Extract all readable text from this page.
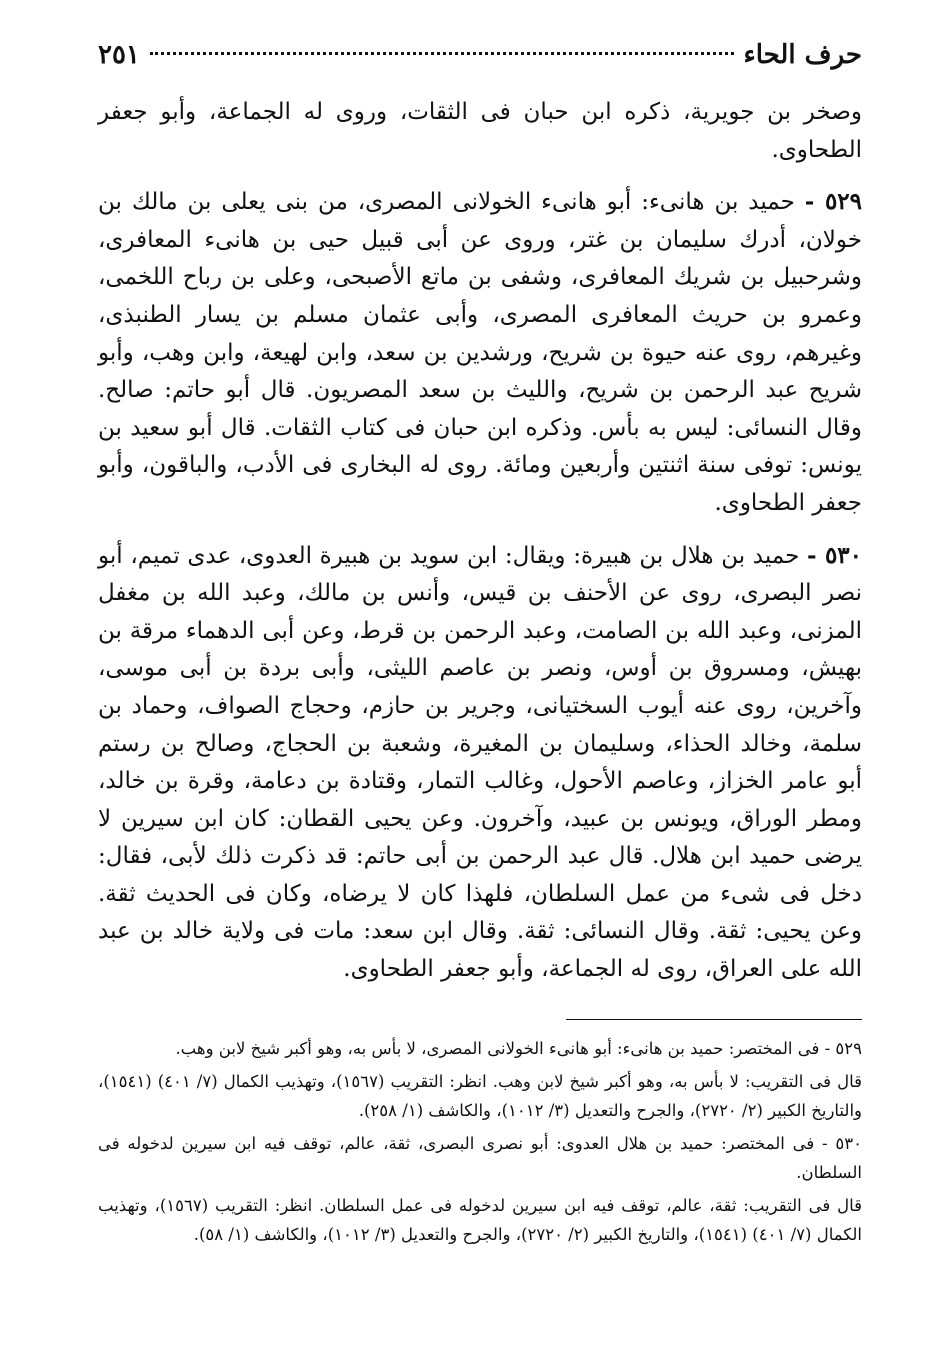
حرف الحاء
٢٥١

وصخر بن جويرية، ذكره ابن حبان فى الثقات، وروى له الجماعة، وأبو جعفر الطحاوى.

٥٢٩ - حميد بن هانىء: أبو هانىء الخولانى المصرى، من بنى يعلى بن مالك بن خولان، أدرك سليمان بن غتر، وروى عن أبى قبيل حيى بن هانىء المعافرى، وشرحبيل بن شريك المعافرى، وشفى بن ماتع الأصبحى، وعلى بن رباح اللخمى، وعمرو بن حريث المعافرى المصرى، وأبى عثمان مسلم بن يسار الطنبذى، وغيرهم، روى عنه حيوة بن شريح، ورشدين بن سعد، وابن لهيعة، وابن وهب، وأبو شريح عبد الرحمن بن شريح، والليث بن سعد المصريون. قال أبو حاتم: صالح. وقال النسائى: ليس به بأس. وذكره ابن حبان فى كتاب الثقات. قال أبو سعيد بن يونس: توفى سنة اثنتين وأربعين ومائة. روى له البخارى فى الأدب، والباقون، وأبو جعفر الطحاوى.

٥٣٠ - حميد بن هلال بن هبيرة: ويقال: ابن سويد بن هبيرة العدوى، عدى تميم، أبو نصر البصرى، روى عن الأحنف بن قيس، وأنس بن مالك، وعبد الله بن مغفل المزنى، وعبد الله بن الصامت، وعبد الرحمن بن قرط، وعن أبى الدهماء مرقة بن بهيش، ومسروق بن أوس، ونصر بن عاصم الليثى، وأبى بردة بن أبى موسى، وآخرين، روى عنه أيوب السختيانى، وجرير بن حازم، وحجاج الصواف، وحماد بن سلمة، وخالد الحذاء، وسليمان بن المغيرة، وشعبة بن الحجاج، وصالح بن رستم أبو عامر الخزاز، وعاصم الأحول، وغالب التمار، وقتادة بن دعامة، وقرة بن خالد، ومطر الوراق، ويونس بن عبيد، وآخرون. وعن يحيى القطان: كان ابن سيرين لا يرضى حميد ابن هلال. قال عبد الرحمن بن أبى حاتم: قد ذكرت ذلك لأبى، فقال: دخل فى شىء من عمل السلطان، فلهذا كان لا يرضاه، وكان فى الحديث ثقة. وعن يحيى: ثقة. وقال النسائى: ثقة. وقال ابن سعد: مات فى ولاية خالد بن عبد الله على العراق، روى له الجماعة، وأبو جعفر الطحاوى.

٥٢٩ - فى المختصر: حميد بن هانىء: أبو هانىء الخولانى المصرى، لا بأس به، وهو أكبر شيخ لابن وهب.

قال فى التقريب: لا بأس به، وهو أكبر شيخ لابن وهب. انظر: التقريب (١٥٦٧)، وتهذيب الكمال (٧/ ٤٠١) (١٥٤١)، والتاريخ الكبير (٢/ ٢٧٢٠)، والجرح والتعديل (٣/ ١٠١٢)، والكاشف (١/ ٢٥٨).

٥٣٠ - فى المختصر: حميد بن هلال العدوى: أبو نصرى البصرى، ثقة، عالم، توقف فيه ابن سيرين لدخوله فى السلطان.

قال فى التقريب: ثقة، عالم، توقف فيه ابن سيرين لدخوله فى عمل السلطان. انظر: التقريب (١٥٦٧)، وتهذيب الكمال (٧/ ٤٠١) (١٥٤١)، والتاريخ الكبير (٢/ ٢٧٢٠)، والجرح والتعديل (٣/ ١٠١٢)، والكاشف (١/ ٥٨).
